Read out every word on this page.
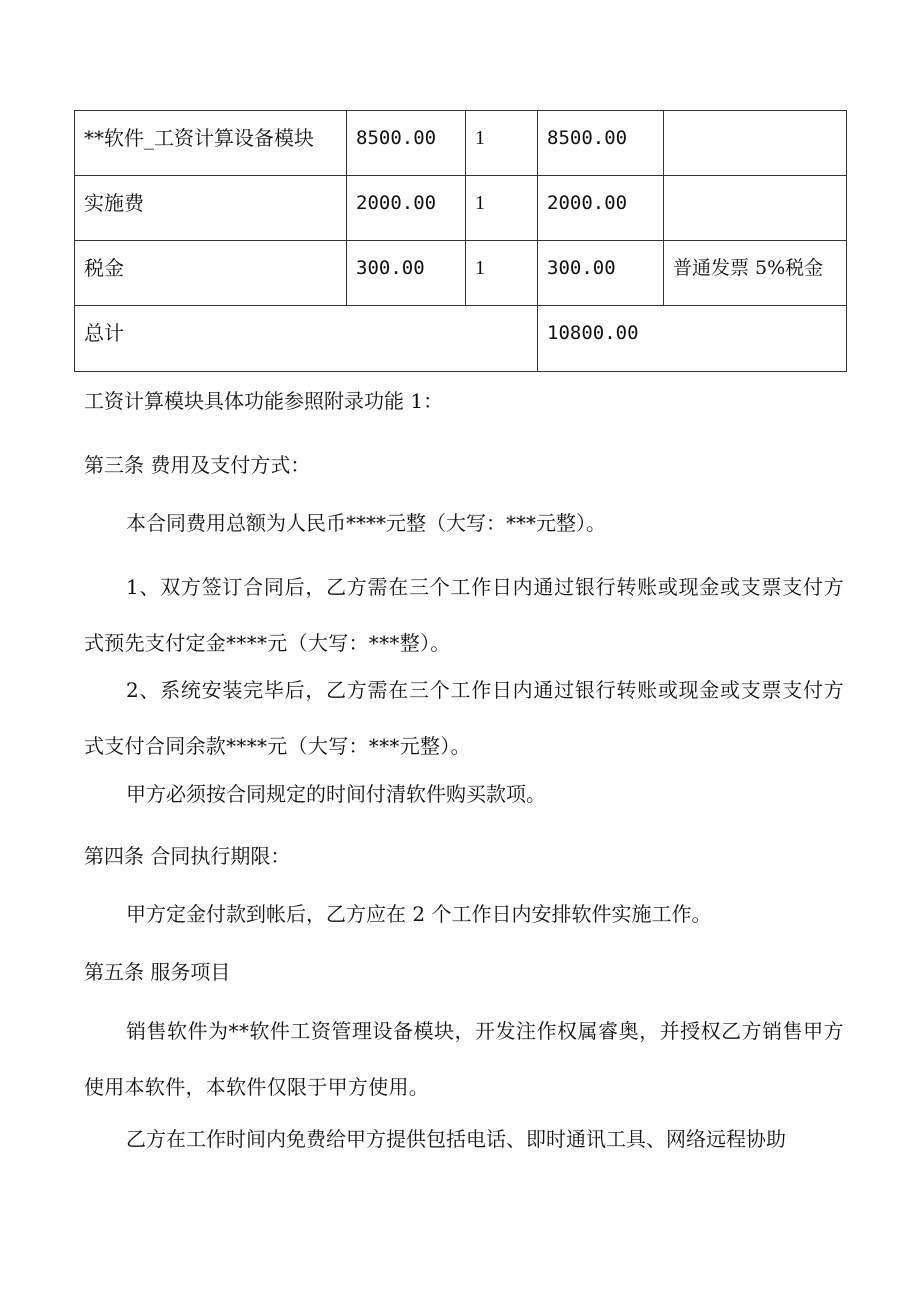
**软件_工资计算设备模块	8500.00	1	8500.00	
实施费	2000.00	1	2000.00	
税金	300.00	1	300.00	普通发票 5%税金
总计			10800.00	

工资计算模块具体功能参照附录功能 1：

第三条 费用及支付方式：

本合同费用总额为人民币****元整（大写：***元整）。

1、双方签订合同后，乙方需在三个工作日内通过银行转账或现金或支票支付方式预先支付定金****元（大写：***整）。

2、系统安装完毕后，乙方需在三个工作日内通过银行转账或现金或支票支付方式支付合同余款****元（大写：***元整）。

甲方必须按合同规定的时间付清软件购买款项。

第四条 合同执行期限：

甲方定金付款到帐后，乙方应在 2 个工作日内安排软件实施工作。

第五条 服务项目

销售软件为**软件工资管理设备模块，开发注作权属睿奥，并授权乙方销售甲方使用本软件，本软件仅限于甲方使用。

乙方在工作时间内免费给甲方提供包括电话、即时通讯工具、网络远程协助
